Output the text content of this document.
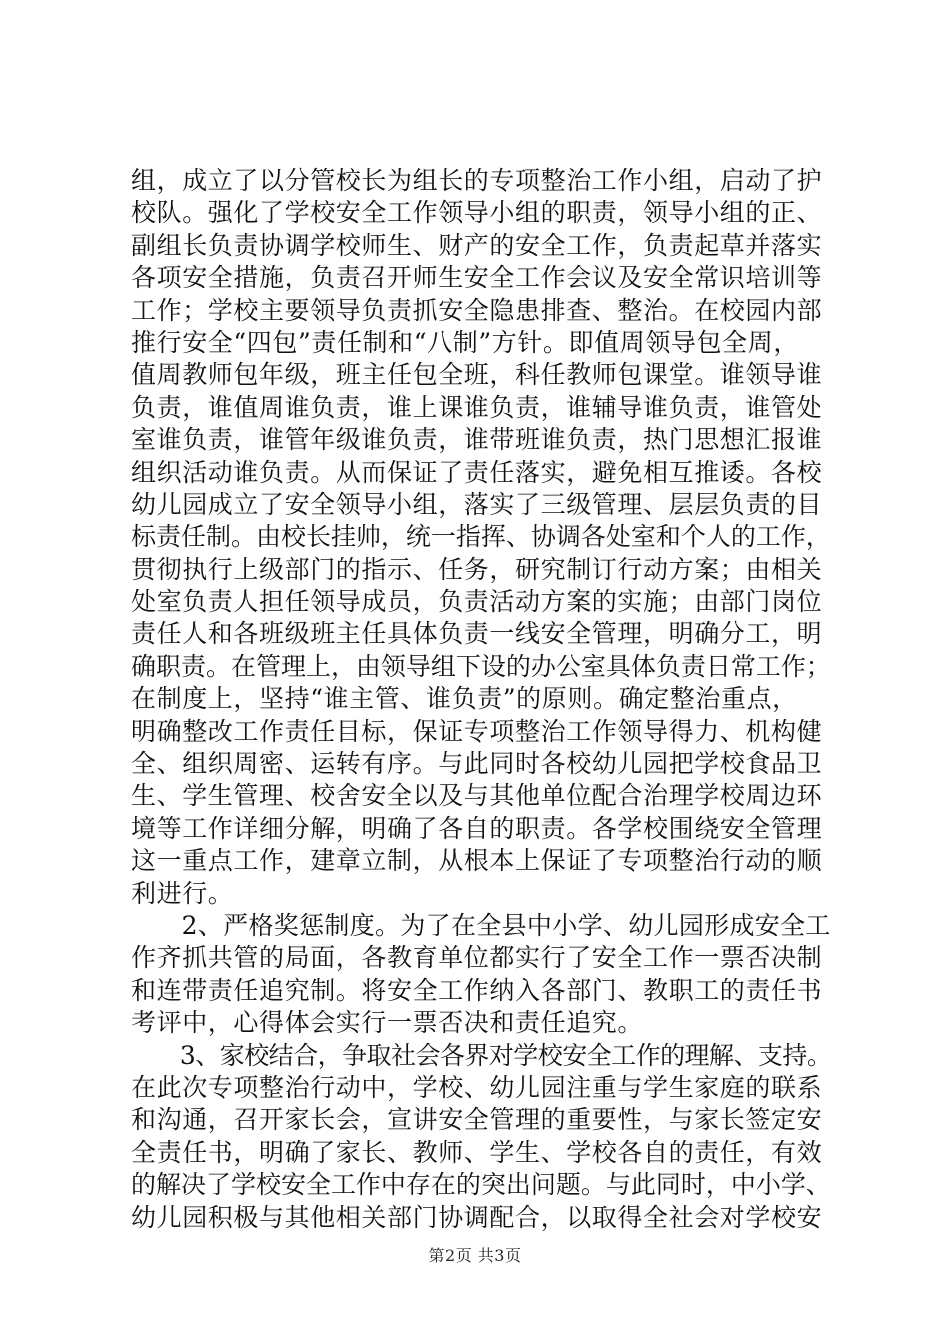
组，成立了以分管校长为组长的专项整治工作小组，启动了护
校队。强化了学校安全工作领导小组的职责，领导小组的正、
副组长负责协调学校师生、财产的安全工作，负责起草并落实
各项安全措施，负责召开师生安全工作会议及安全常识培训等
工作；学校主要领导负责抓安全隐患排查、整治。在校园内部
推行安全“四包”责任制和“八制”方针。即值周领导包全周，
值周教师包年级，班主任包全班，科任教师包课堂。谁领导谁
负责，谁值周谁负责，谁上课谁负责，谁辅导谁负责，谁管处
室谁负责，谁管年级谁负责，谁带班谁负责，热门思想汇报谁
组织活动谁负责。从而保证了责任落实，避免相互推诿。各校
幼儿园成立了安全领导小组，落实了三级管理、层层负责的目
标责任制。由校长挂帅，统一指挥、协调各处室和个人的工作，
贯彻执行上级部门的指示、任务，研究制订行动方案；由相关
处室负责人担任领导成员，负责活动方案的实施；由部门岗位
责任人和各班级班主任具体负责一线安全管理，明确分工，明
确职责。在管理上，由领导组下设的办公室具体负责日常工作；
在制度上，坚持“谁主管、谁负责”的原则。确定整治重点，
明确整改工作责任目标，保证专项整治工作领导得力、机构健
全、组织周密、运转有序。与此同时各校幼儿园把学校食品卫
生、学生管理、校舍安全以及与其他单位配合治理学校周边环
境等工作详细分解，明确了各自的职责。各学校围绕安全管理
这一重点工作，建章立制，从根本上保证了专项整治行动的顺
利进行。
　　2、严格奖惩制度。为了在全县中小学、幼儿园形成安全工
作齐抓共管的局面，各教育单位都实行了安全工作一票否决制
和连带责任追究制。将安全工作纳入各部门、教职工的责任书
考评中，心得体会实行一票否决和责任追究。
　　3、家校结合，争取社会各界对学校安全工作的理解、支持。
在此次专项整治行动中，学校、幼儿园注重与学生家庭的联系
和沟通，召开家长会，宣讲安全管理的重要性，与家长签定安
全责任书，明确了家长、教师、学生、学校各自的责任，有效
的解决了学校安全工作中存在的突出问题。与此同时，中小学、
幼儿园积极与其他相关部门协调配合，以取得全社会对学校安
第2页 共3页
